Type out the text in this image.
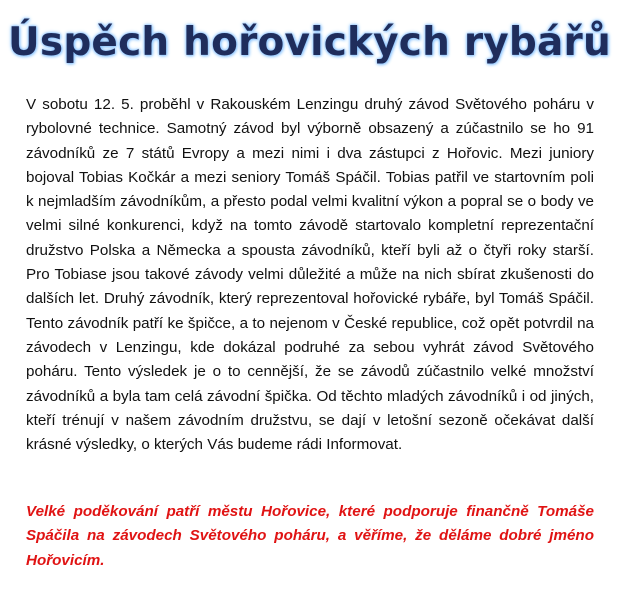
Úspěch hořovických rybářů

V sobotu 12. 5. proběhl v Rakouském Lenzingu druhý závod Světového poháru v rybolovné technice. Samotný závod byl výborně obsazený a zúčastnilo se ho 91 závodníků ze 7 států Evropy a mezi nimi i dva zástupci z Hořovic. Mezi juniory bojoval Tobias Kočkár a mezi seniory Tomáš Spáčil. Tobias patřil ve startovním poli k nejmladším závodníkům, a přesto podal velmi kvalitní výkon a popral se o body ve velmi silné konkurenci, když na tomto závodě startovalo kompletní reprezentační družstvo Polska a Německa a spousta závodníků, kteří byli až o čtyři roky starší. Pro Tobiase jsou takové závody velmi důležité a může na nich sbírat zkušenosti do dalších let. Druhý závodník, který reprezentoval hořovické rybáře, byl Tomáš Spáčil. Tento závodník patří ke špičce, a to nejenom v České republice, což opět potvrdil na závodech v Lenzingu, kde dokázal podruhé za sebou vyhrát závod Světového poháru. Tento výsledek je o to cennější, že se závodů zúčastnilo velké množství závodníků a byla tam celá závodní špička. Od těchto mladých závodníků i od jiných, kteří trénují v našem závodním družstvu, se dají v letošní sezoně očekávat další krásné výsledky, o kterých Vás budeme rádi Informovat.

Velké poděkování patří městu Hořovice, které podporuje finančně Tomáše Spáčila na závodech Světového poháru, a věříme, že děláme dobré jméno Hořovicím.
